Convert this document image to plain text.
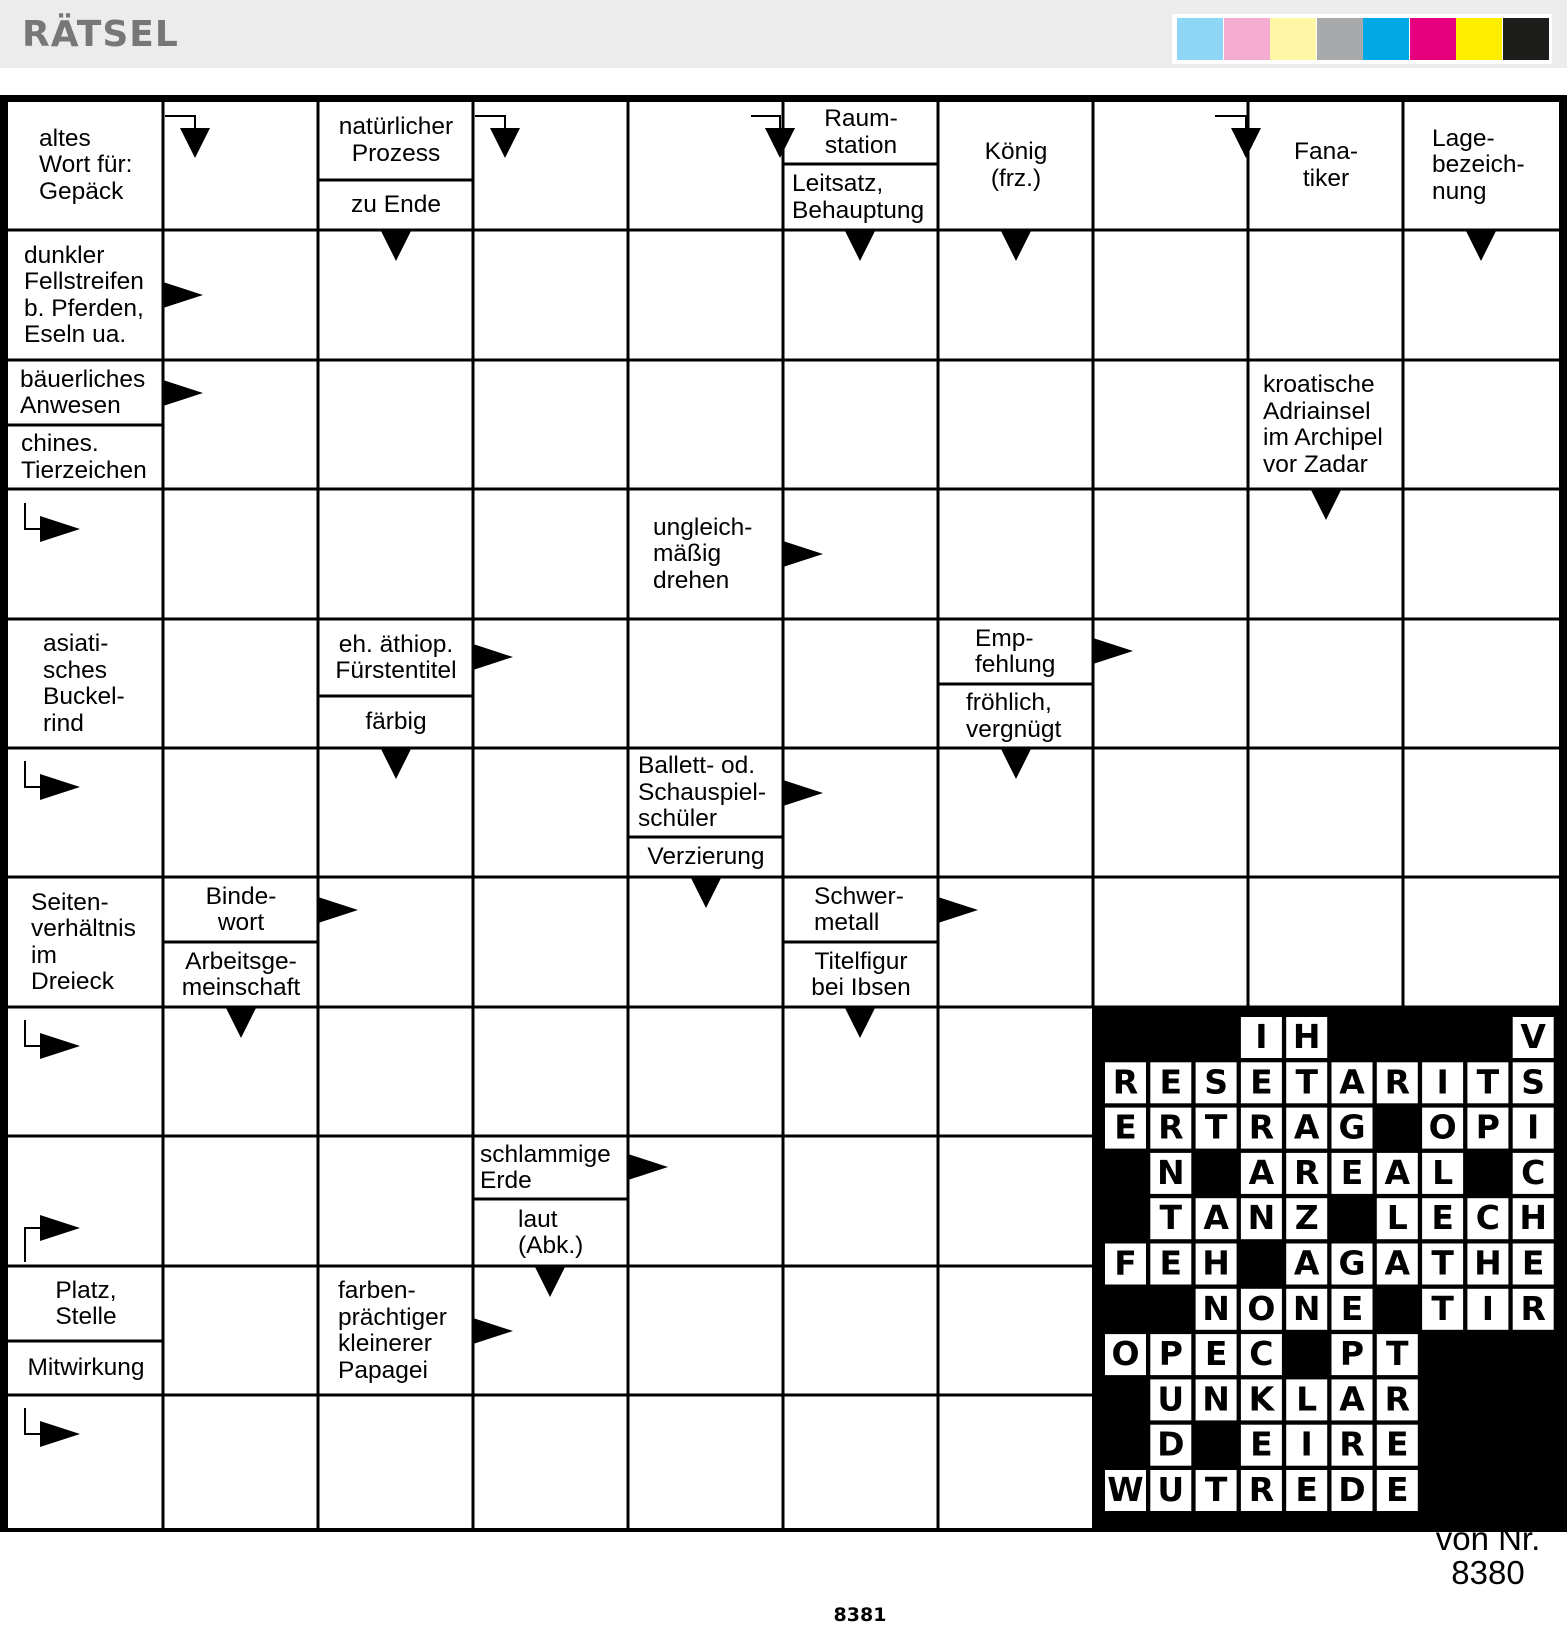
RÄTSEL
I H	V
R E S E T A R I T S
E R T R A G O P I
N A R E A L C
T A N Z L E C H
F E H A G A T H E
N O N E T I R
O P E C P T
U N K L A R
D E I R E
W U T R E D E
altes
Wort für:
Gepäck
natürlicher
Prozess
zu Ende
Raum-
station
Leitsatz,
Behauptung
König
(frz.)
Fana-
tiker
Lage-
bezeich-
nung
dunkler
Fellstreifen
b. Pferden,
Eseln ua.
bäuerliches
Anwesen
chines.
Tierzeichen
kroatische
Adriainsel
im Archipel
vor Zadar
ungleich-
mäßig
drehen
asiati-
sches
Buckel-
rind
eh. äthiop.
Fürstentitel
färbig
Emp-
fehlung
fröhlich,
vergnügt
Ballett- od.
Schauspiel-
schüler
Verzierung
Seiten-
verhältnis
im
Dreieck
Binde-
wort
Arbeitsge-
meinschaft
Schwer-
metall
Titelfigur
bei Ibsen
schlammige
Erde
laut
(Abk.)
Platz,
Stelle
Mitwirkung
farben-
prächtiger
kleinerer
Papagei
Auf-
lösung
von Nr.
8380
8381
